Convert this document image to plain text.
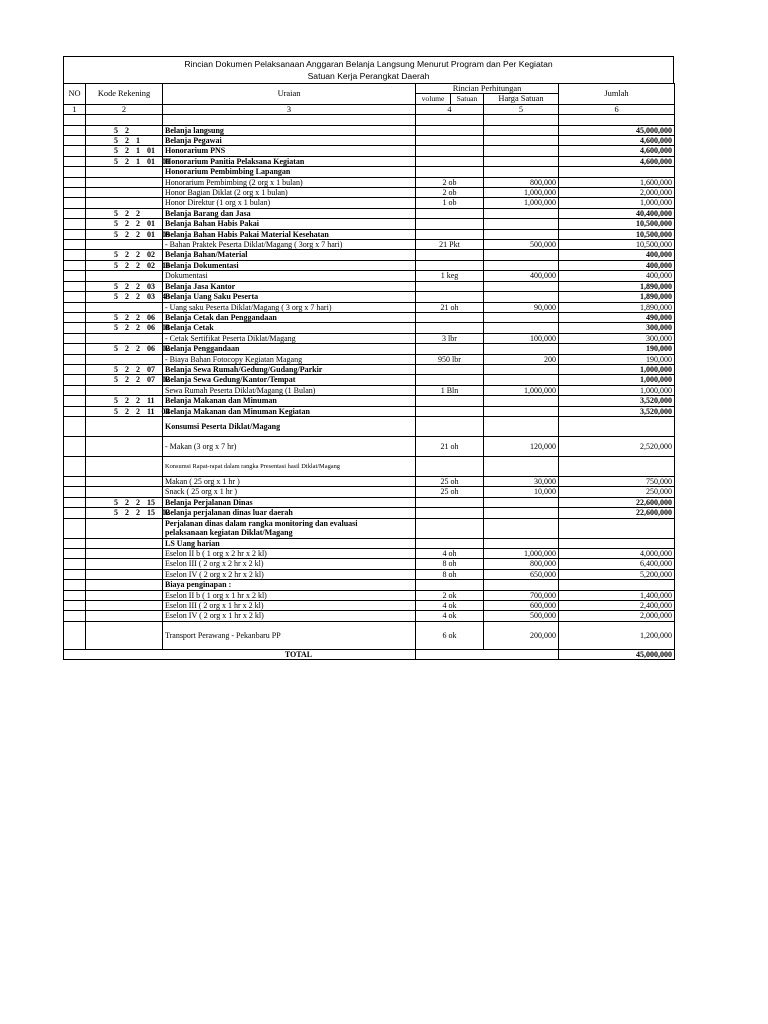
Rincian Dokumen Pelaksanaan Anggaran Belanja Langsung Menurut Program dan Per Kegiatan
Satuan Kerja Perangkat Daerah
NO	Kode Rekening	Uraian	Rincian Perhitungan			Jumlah
			volume	Satuan	Harga Satuan	
1	2	3	4		5	6

	5 2	Belanja langsung				45,000,000
	5 2 1	Belanja Pegawai				4,600,000
	5 2 1 01	Honorarium PNS				4,600,000
	5 2 1 01 01	Honorarium Panitia Pelaksana Kegiatan				4,600,000
		Honorarium Pembimbing Lapangan				
		Honorarium Pembimbing (2 org x 1 bulan)	2 ob		800,000	1,600,000
		Honor Bagian Diklat (2 org x 1 bulan)	2 ob		1,000,000	2,000,000
		Honor Direktur (1 org x 1 bulan)	1 ob		1,000,000	1,000,000
	5 2 2	Belanja Barang dan Jasa				40,400,000
	5 2 2 01	Belanja Bahan Habis Pakai				10,500,000
	5 2 2 01 09	Belanja Bahan Habis Pakai Material Kesehatan				10,500,000
		- Bahan Praktek Peserta Diklat/Magang ( 3org x 7 hari)	21 Pkt		500,000	10,500,000
	5 2 2 02	Belanja Bahan/Material				400,000
	5 2 2 02 10	Belanja Dokumentasi				400,000
		Dokumentasi	1 keg		400,000	400,000
	5 2 2 03	Belanja Jasa Kantor				1,890,000
	5 2 2 03 43	Belanja Uang Saku Peserta				1,890,000
		- Uang saku Peserta Diklat/Magang ( 3 org x 7 hari)	21 oh		90,000	1,890,000
	5 2 2 06	Belanja Cetak dan Penggandaan				490,000
	5 2 2 06 01	Belanja Cetak				300,000
		- Cetak Sertifikat Peserta Diklat/Magang	3 lbr		100,000	300,000
	5 2 2 06 02	Belanja Penggandaan				190,000
		- Biaya Bahan Fotocopy Kegiatan Magang	950 lbr		200	190,000
	5 2 2 07	Belanja Sewa Rumah/Gedung/Gudang/Parkir				1,000,000
	5 2 2 07 02	Belanja Sewa Gedung/Kantor/Tempat				1,000,000
		Sewa Rumah Peserta Diklat/Magang (1 Bulan)	1 Bln		1,000,000	1,000,000
	5 2 2 11	Belanja Makanan dan Minuman				3,520,000
	5 2 2 11 04	Belanja Makanan dan Minuman Kegiatan				3,520,000
		Konsumsi Peserta Diklat/Magang				
		- Makan (3 org x 7 hr)	21 oh		120,000	2,520,000
		Konsumsi Rapat-rapat dalam rangka Presentasi hasil Diklat/Magang				
		Makan ( 25 org x 1 hr )	25 oh		30,000	750,000
		Snack ( 25 org x 1 hr )	25 oh		10,000	250,000
	5 2 2 15	Belanja Perjalanan Dinas				22,600,000
	5 2 2 15 02	Belanja perjalanan dinas luar daerah				22,600,000

		Perjalanan dinas dalam rangka monitoring dan evaluasi
pelaksanaan kegiatan Diklat/Magang				

		LS Uang harian				
		Eselon II b ( 1 org x 2 hr x 2 kl)	4 oh		1,000,000	4,000,000
		Eselon III ( 2 org x 2 hr x 2 kl)	8 oh		800,000	6,400,000
		Eselon IV ( 2 org x 2 hr x 2 kl)	8 oh		650,000	5,200,000
		Biaya penginapan :				
		Eselon II b ( 1 org x 1 hr x 2 kl)	2 ok		700,000	1,400,000
		Eselon III ( 2 org x 1 hr x 2 kl)	4 ok		600,000	2,400,000
		Eselon IV ( 2 org x 1 hr x 2 kl)	4 ok		500,000	2,000,000
		Transport Perawang - Pekanbaru PP	6 ok		200,000	1,200,000
TOTAL						45,000,000
